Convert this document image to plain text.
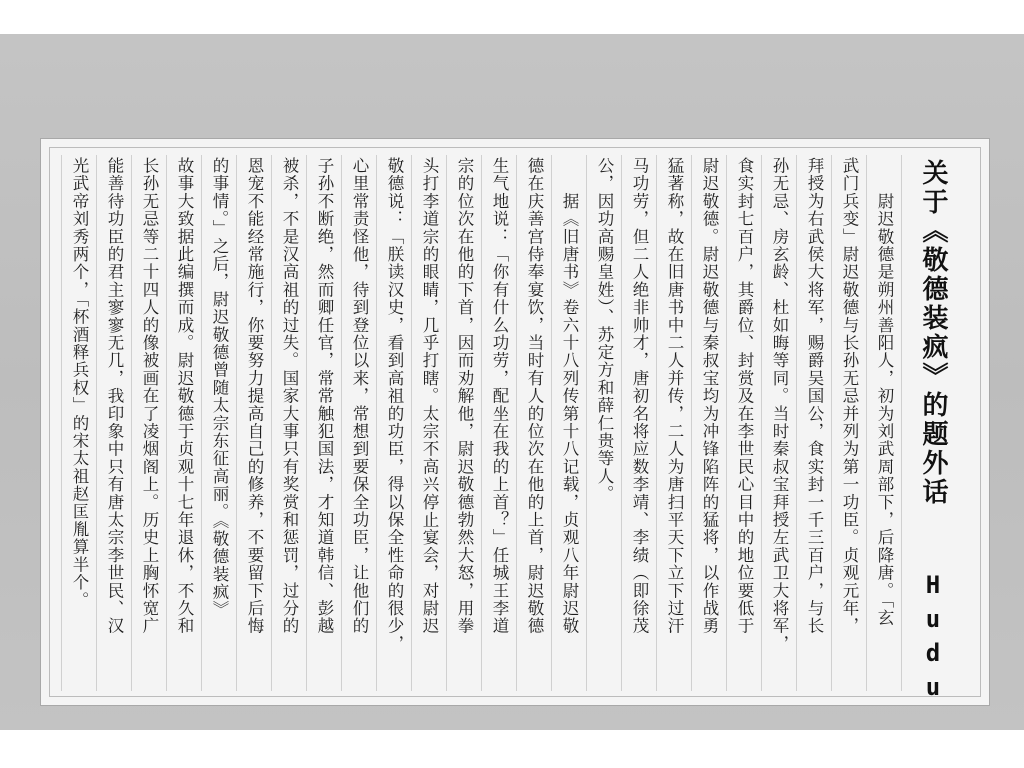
关于《敬德装疯》的题外话
Hudu
　　尉迟敬德是朔州善阳人，初为刘武周部下，后降唐。「玄
武门兵变」尉迟敬德与长孙无忌并列为第一功臣。贞观元年，
拜授为右武侯大将军，赐爵吴国公，食实封一千三百户，与长
孙无忌、房玄龄、杜如晦等同。当时秦叔宝拜授左武卫大将军，
食实封七百户，其爵位、封赏及在李世民心目中的地位要低于
尉迟敬德。尉迟敬德与秦叔宝均为冲锋陷阵的猛将，以作战勇
猛著称，故在旧唐书中二人并传，二人为唐扫平天下立下过汗
马功劳，但二人绝非帅才，唐初名将应数李靖、李绩（即徐茂
公，因功高赐皇姓）、苏定方和薛仁贵等人。
　　据《旧唐书》卷六十八列传第十八记载，贞观八年尉迟敬
德在庆善宫侍奉宴饮，当时有人的位次在他的上首，尉迟敬德
生气地说：「你有什么功劳，配坐在我的上首？」任城王李道
宗的位次在他的下首，因而劝解他，尉迟敬德勃然大怒，用拳
头打李道宗的眼睛，几乎打瞎。太宗不高兴停止宴会，对尉迟
敬德说：「朕读汉史，看到高祖的功臣，得以保全性命的很少，
心里常责怪他，待到登位以来，常想到要保全功臣，让他们的
子孙不断绝，然而卿任官，常常触犯国法，才知道韩信、彭越
被杀，不是汉高祖的过失。国家大事只有奖赏和惩罚，过分的
恩宠不能经常施行，你要努力提高自己的修养，不要留下后悔
的事情。」之后，尉迟敬德曾随太宗东征高丽。《敬德装疯》
故事大致据此编撰而成。尉迟敬德于贞观十七年退休，不久和
长孙无忌等二十四人的像被画在了凌烟阁上。历史上胸怀宽广
能善待功臣的君主寥寥无几，我印象中只有唐太宗李世民、汉
光武帝刘秀两个，「杯酒释兵权」的宋太祖赵匡胤算半个。
